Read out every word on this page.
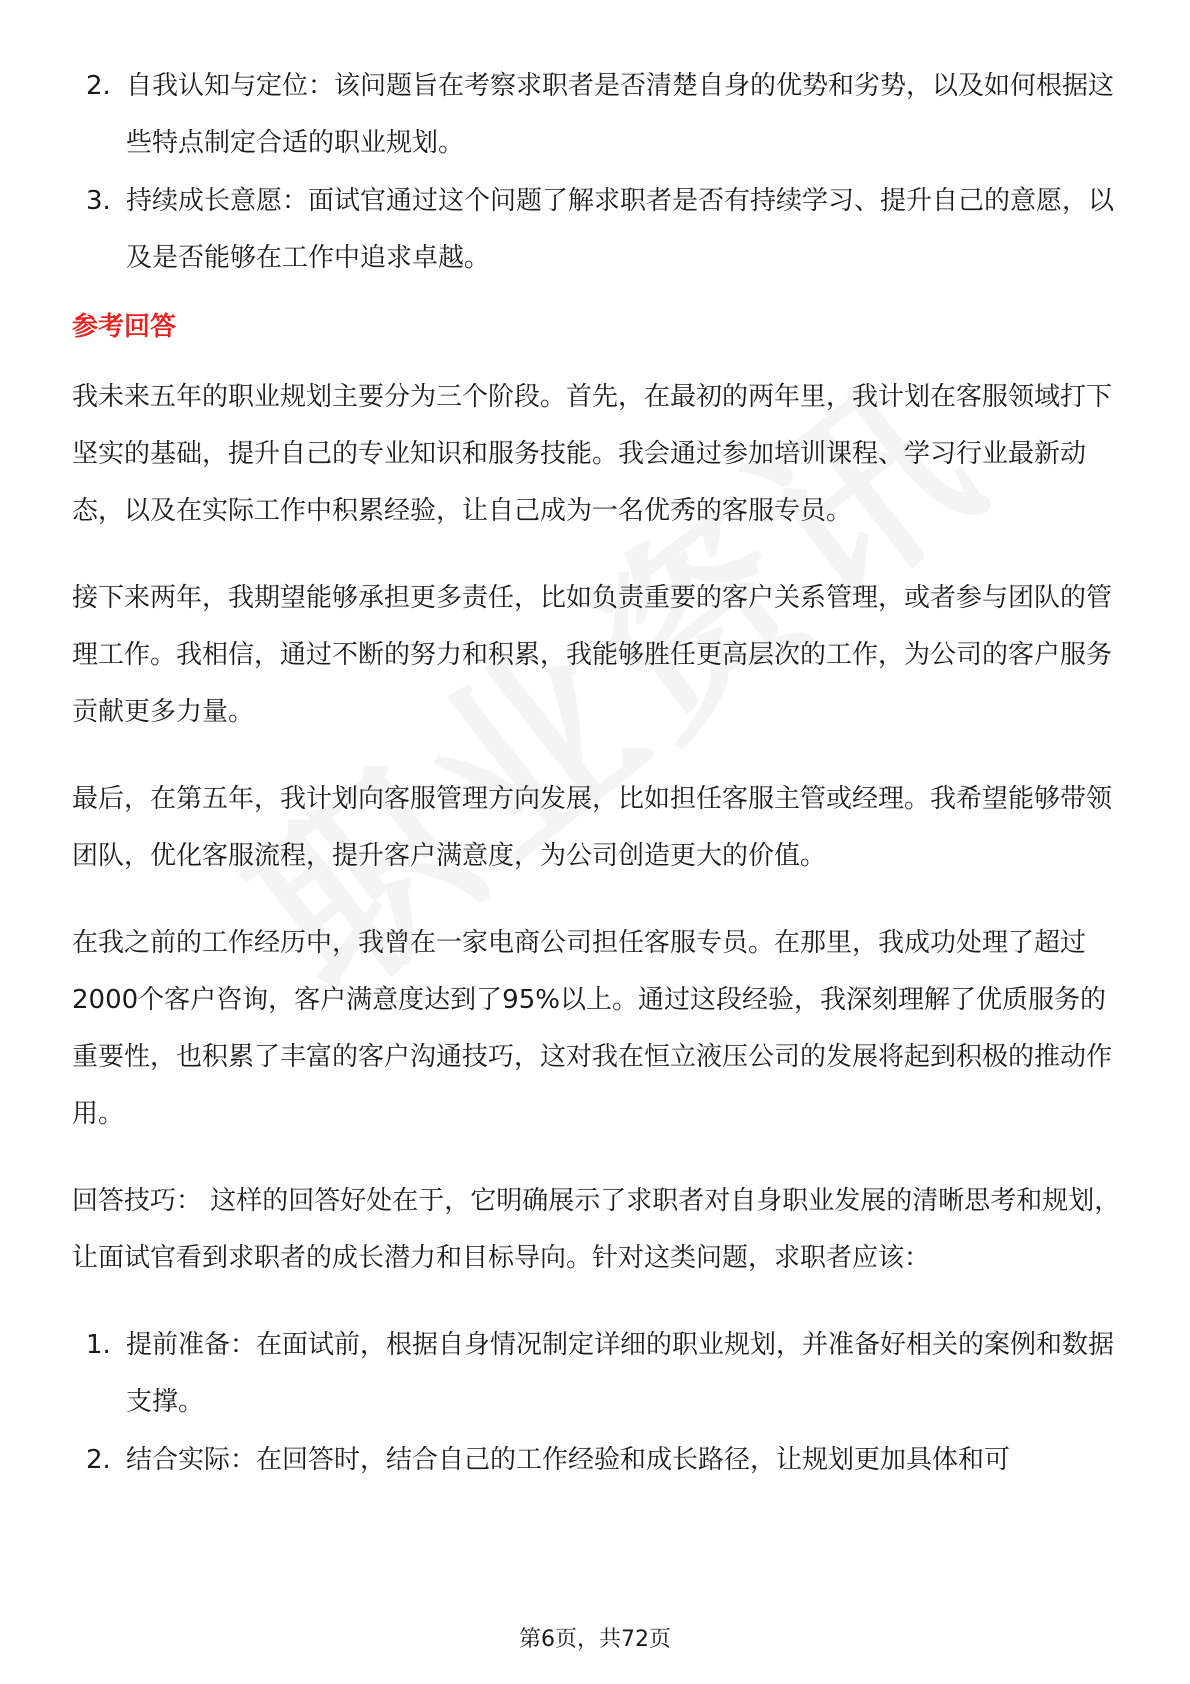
2. 自我认知与定位：该问题旨在考察求职者是否清楚自身的优势和劣势，以及如何根据这些特点制定合适的职业规划。
3. 持续成长意愿：面试官通过这个问题了解求职者是否有持续学习、提升自己的意愿，以及是否能够在工作中追求卓越。
参考回答

我未来五年的职业规划主要分为三个阶段。首先，在最初的两年里，我计划在客服领域打下坚实的基础，提升自己的专业知识和服务技能。我会通过参加培训课程、学习行业最新动态，以及在实际工作中积累经验，让自己成为一名优秀的客服专员。

接下来两年，我期望能够承担更多责任，比如负责重要的客户关系管理，或者参与团队的管理工作。我相信，通过不断的努力和积累，我能够胜任更高层次的工作，为公司的客户服务贡献更多力量。

最后，在第五年，我计划向客服管理方向发展，比如担任客服主管或经理。我希望能够带领团队，优化客服流程，提升客户满意度，为公司创造更大的价值。

在我之前的工作经历中，我曾在一家电商公司担任客服专员。在那里，我成功处理了超过2000个客户咨询，客户满意度达到了95%以上。通过这段经验，我深刻理解了优质服务的重要性，也积累了丰富的客户沟通技巧，这对我在恒立液压公司的发展将起到积极的推动作用。

回答技巧： 这样的回答好处在于，它明确展示了求职者对自身职业发展的清晰思考和规划，让面试官看到求职者的成长潜力和目标导向。针对这类问题，求职者应该：

1. 提前准备：在面试前，根据自身情况制定详细的职业规划，并准备好相关的案例和数据支撑。
2. 结合实际：在回答时，结合自己的工作经验和成长路径，让规划更加具体和可
第6页，共72页
